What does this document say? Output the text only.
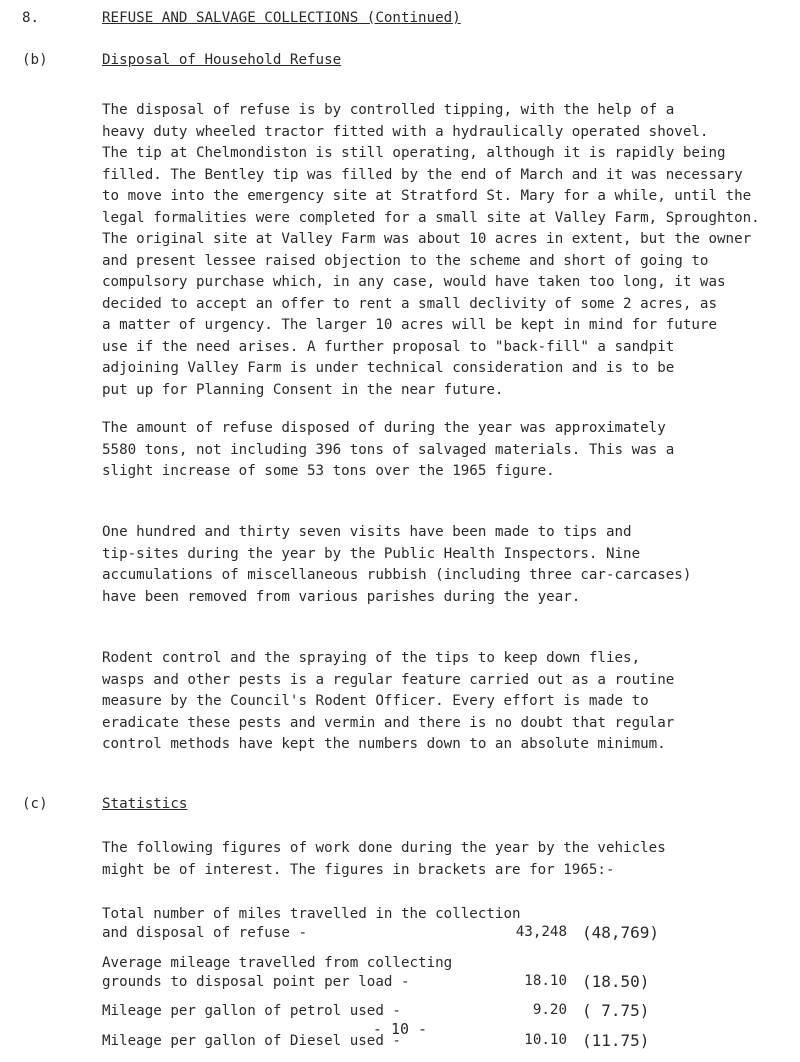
8.	REFUSE AND SALVAGE COLLECTIONS (Continued)
(b)	Disposal of Household Refuse
The disposal of refuse is by controlled tipping, with the help of a
heavy duty wheeled tractor fitted with a hydraulically operated shovel.
The tip at Chelmondiston is still operating, although it is rapidly being
filled. The Bentley tip was filled by the end of March and it was necessary
to move into the emergency site at Stratford St. Mary for a while, until the
legal formalities were completed for a small site at Valley Farm, Sproughton.
The original site at Valley Farm was about 10 acres in extent, but the owner
and present lessee raised objection to the scheme and short of going to
compulsory purchase which, in any case, would have taken too long, it was
decided to accept an offer to rent a small declivity of some 2 acres, as
a matter of urgency. The larger 10 acres will be kept in mind for future
use if the need arises. A further proposal to "back-fill" a sandpit
adjoining Valley Farm is under technical consideration and is to be
put up for Planning Consent in the near future.
The amount of refuse disposed of during the year was approximately
5580 tons, not including 396 tons of salvaged materials. This was a
slight increase of some 53 tons over the 1965 figure.
One hundred and thirty seven visits have been made to tips and
tip-sites during the year by the Public Health Inspectors. Nine
accumulations of miscellaneous rubbish (including three car-carcases)
have been removed from various parishes during the year.
Rodent control and the spraying of the tips to keep down flies,
wasps and other pests is a regular feature carried out as a routine
measure by the Council's Rodent Officer. Every effort is made to
eradicate these pests and vermin and there is no doubt that regular
control methods have kept the numbers down to an absolute minimum.
(c)	Statistics
The following figures of work done during the year by the vehicles
might be of interest. The figures in brackets are for 1965:-
Total number of miles travelled in the collection
and disposal of refuse -	43,248 (48,769)
Average mileage travelled from collecting
grounds to disposal point per load -	18.10 (18.50)
Mileage per gallon of petrol used -	9.20 ( 7.75)
Mileage per gallon of Diesel used -	10.10 (11.75)
- 10 -
